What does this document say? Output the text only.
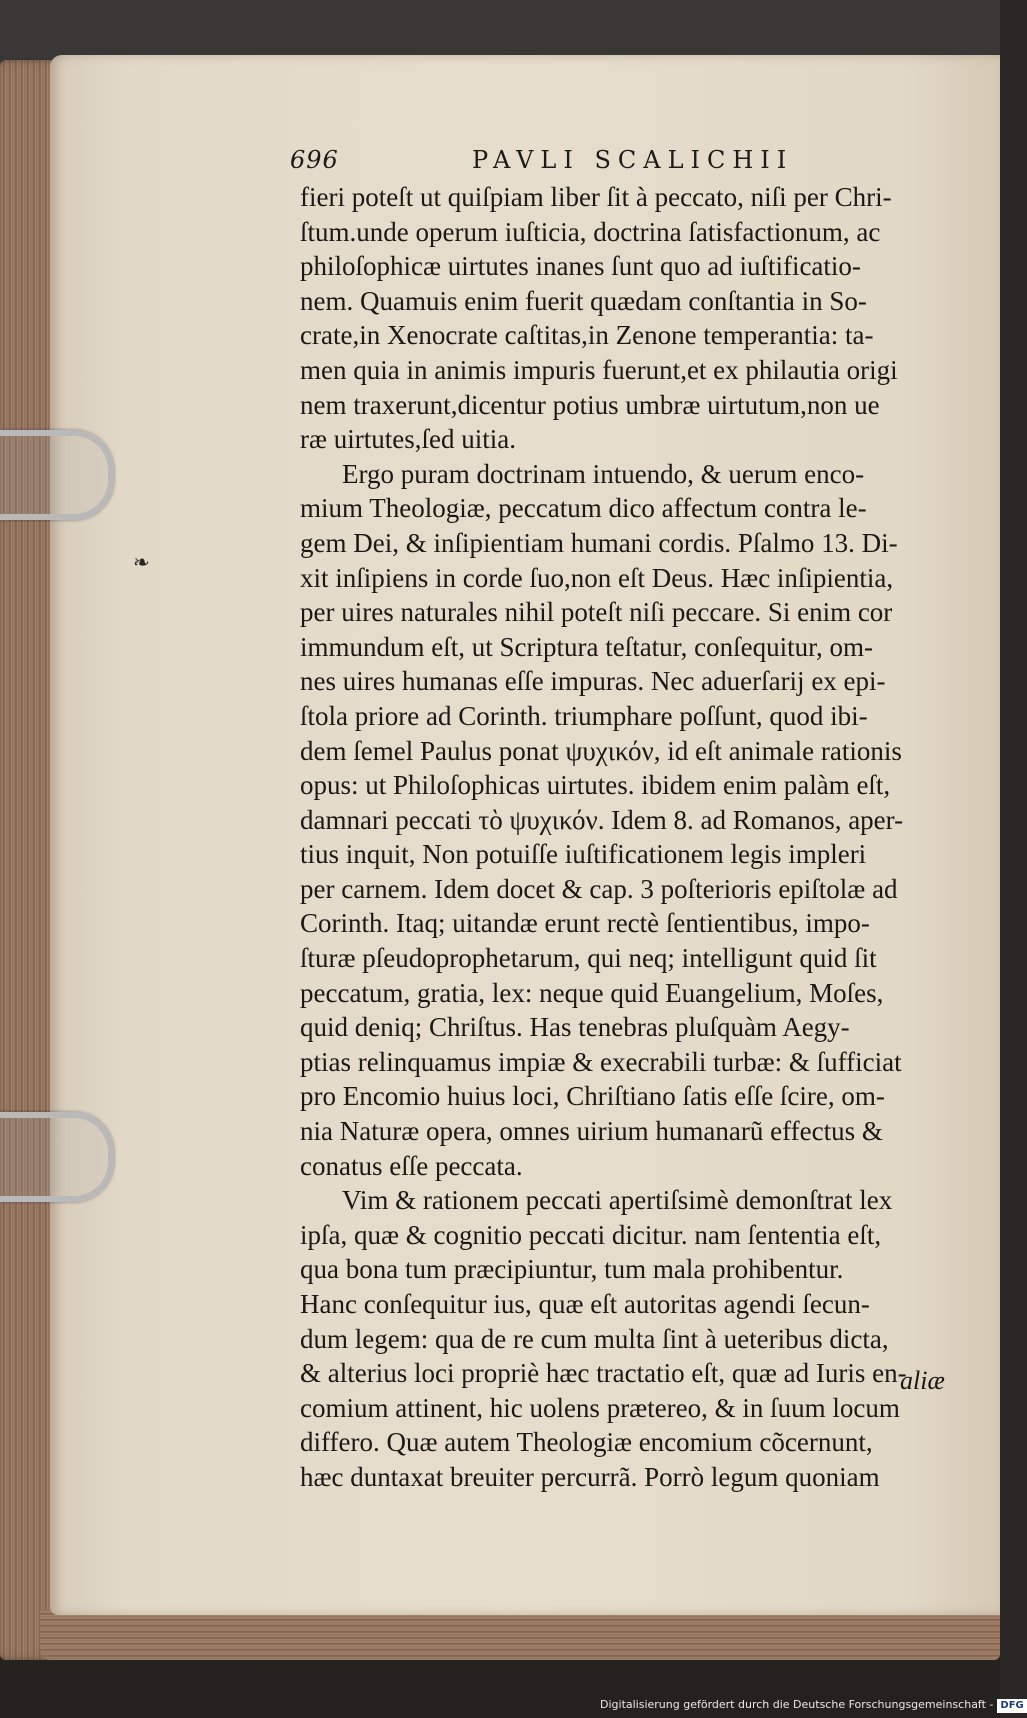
696	PAVLI SCALICHII
❧
fieri poteſt ut quiſpiam liber ſit à peccato, niſi per Chri-
ſtum.unde operum iuſticia, doctrina ſatisfactionum, ac
philoſophicæ uirtutes inanes ſunt quo ad iuſtificatio-
nem. Quamuis enim fuerit quædam conſtantia in So-
crate,in Xenocrate caſtitas,in Zenone temperantia: ta-
men quia in animis impuris fuerunt,et ex philautia origi
nem traxerunt,dicentur potius umbræ uirtutum,non ue
ræ uirtutes,ſed uitia.
Ergo puram doctrinam intuendo, & uerum enco-
mium Theologiæ, peccatum dico affectum contra le-
gem Dei, & inſipientiam humani cordis. Pſalmo 13. Di-
xit inſipiens in corde ſuo,non eſt Deus. Hæc inſipientia,
per uires naturales nihil poteſt niſi peccare. Si enim cor
immundum eſt, ut Scriptura teſtatur, conſequitur, om-
nes uires humanas eſſe impuras. Nec aduerſarij ex epi-
ſtola priore ad Corinth. triumphare poſſunt, quod ibi-
dem ſemel Paulus ponat ψυχικόν, id eſt animale rationis
opus: ut Philoſophicas uirtutes. ibidem enim palàm eſt,
damnari peccati τὸ ψυχικόν. Idem 8. ad Romanos, aper-
tius inquit, Non potuiſſe iuſtificationem legis impleri
per carnem. Idem docet & cap. 3 poſterioris epiſtolæ ad
Corinth. Itaq; uitandæ erunt rectè ſentientibus, impo-
ſturæ pſeudoprophetarum, qui neq; intelligunt quid ſit
peccatum, gratia, lex: neque quid Euangelium, Moſes,
quid deniq; Chriſtus. Has tenebras pluſquàm Aegy-
ptias relinquamus impiæ & execrabili turbæ: & ſufficiat
pro Encomio huius loci, Chriſtiano ſatis eſſe ſcire, om-
nia Naturæ opera, omnes uirium humanarũ effectus &
conatus eſſe peccata.
Vim & rationem peccati apertiſsimè demonſtrat lex
ipſa, quæ & cognitio peccati dicitur. nam ſententia eſt,
qua bona tum præcipiuntur, tum mala prohibentur.
Hanc conſequitur ius, quæ eſt autoritas agendi ſecun-
dum legem: qua de re cum multa ſint à ueteribus dicta,
& alterius loci propriè hæc tractatio eſt, quæ ad Iuris en-
comium attinent, hic uolens prætereo, & in ſuum locum
differo. Quæ autem Theologiæ encomium cõcernunt,
hæc duntaxat breuiter percurrã. Porrò legum quoniam
aliæ
Digitalisierung gefördert durch die Deutsche Forschungsgemeinschaft - DFG
